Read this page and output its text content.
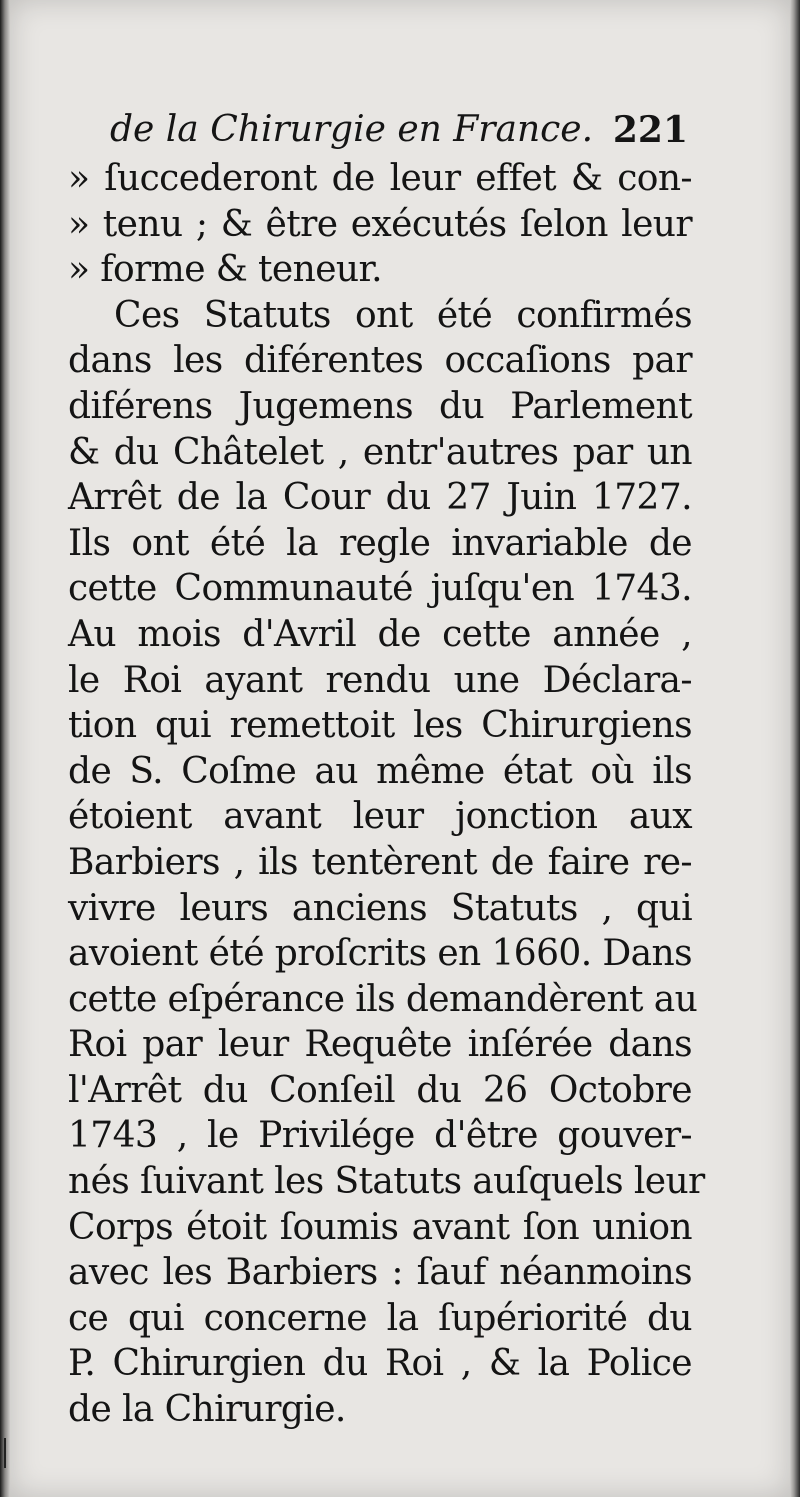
de la Chirurgie en France. 221
» ſuccederont de leur effet & con-
» tenu ; & être exécutés ſelon leur
» forme & teneur.
Ces Statuts ont été confirmés
dans les diférentes occaſions par
diférens Jugemens du Parlement
& du Châtelet , entr'autres par un
Arrêt de la Cour du 27 Juin 1727.
Ils ont été la regle invariable de
cette Communauté juſqu'en 1743.
Au mois d'Avril de cette année ,
le Roi ayant rendu une Déclara-
tion qui remettoit les Chirurgiens
de S. Coſme au même état où ils
étoient avant leur jonction aux
Barbiers , ils tentèrent de faire re-
vivre leurs anciens Statuts , qui
avoient été proſcrits en 1660. Dans
cette eſpérance ils demandèrent au
Roi par leur Requête inſérée dans
l'Arrêt du Conſeil du 26 Octobre
1743 , le Privilége d'être gouver-
nés ſuivant les Statuts auſquels leur
Corps étoit ſoumis avant ſon union
avec les Barbiers : ſauf néanmoins
ce qui concerne la ſupériorité du
P. Chirurgien du Roi , & la Police
de la Chirurgie.
